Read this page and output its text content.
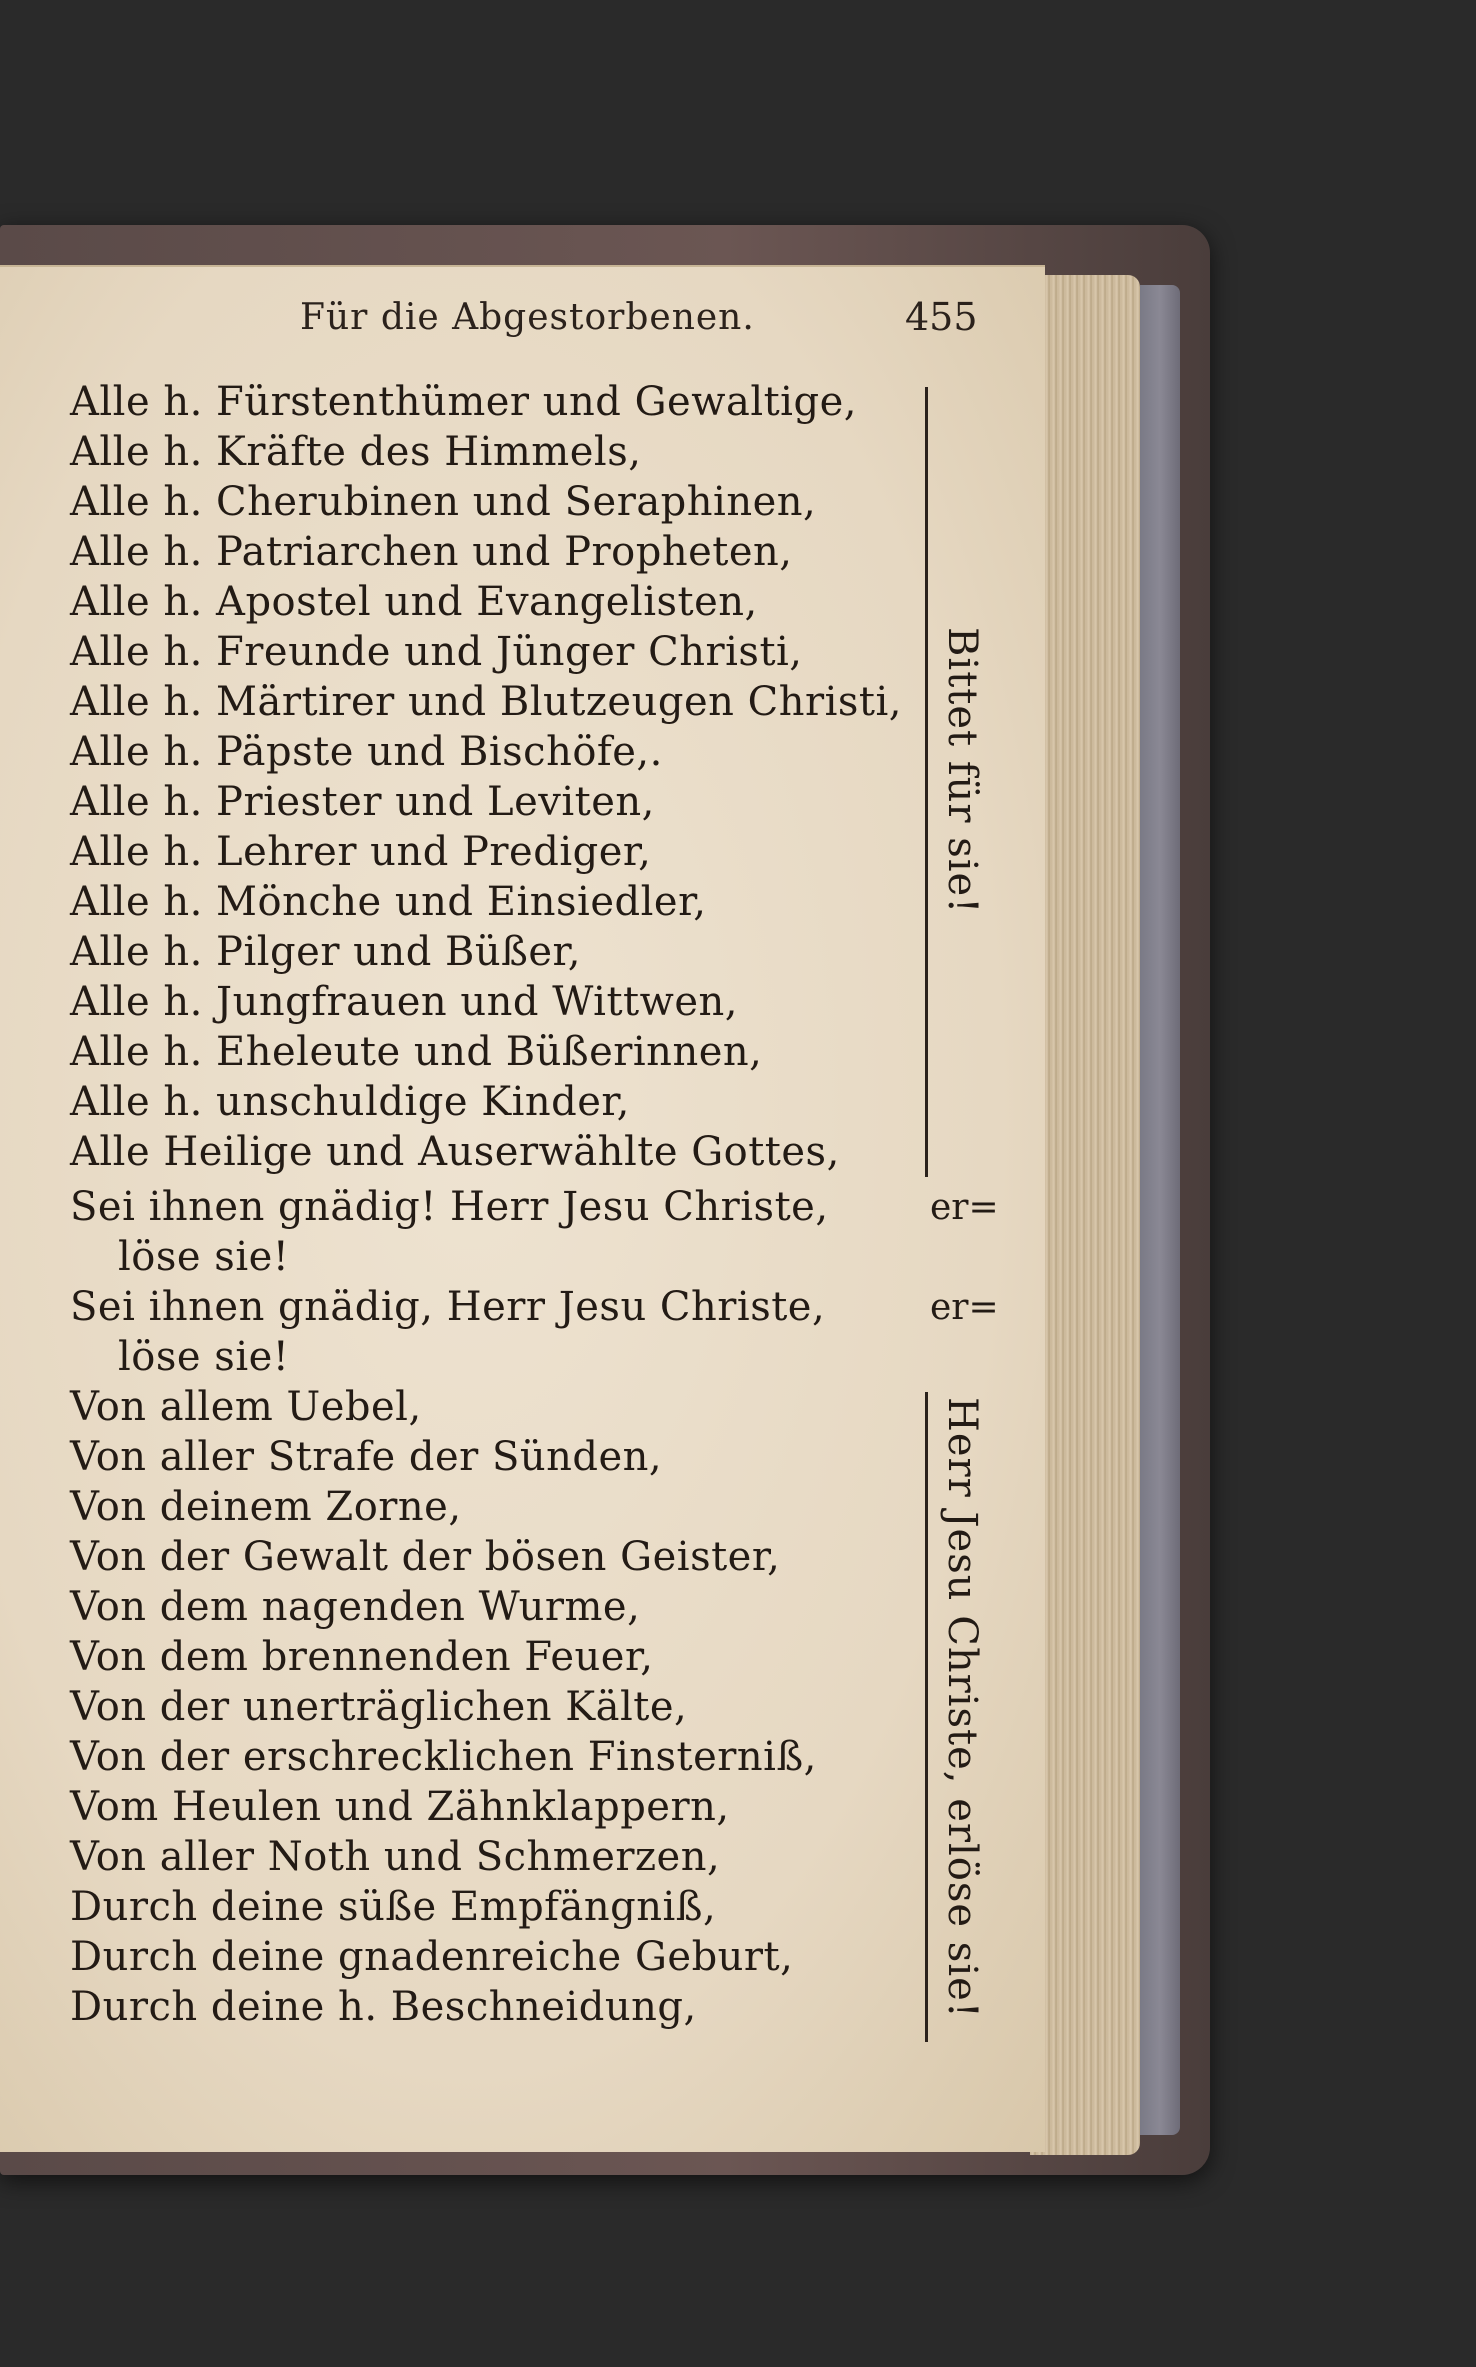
Für die Abgestorbenen.	455
Alle h. Fürstenthümer und Gewaltige,
Alle h. Kräfte des Himmels,
Alle h. Cherubinen und Seraphinen,
Alle h. Patriarchen und Propheten,
Alle h. Apostel und Evangelisten,
Alle h. Freunde und Jünger Christi,
Alle h. Märtirer und Blutzeugen Christi,
Alle h. Päpste und Bischöfe,.
Alle h. Priester und Leviten,
Alle h. Lehrer und Prediger,
Alle h. Mönche und Einsiedler,
Alle h. Pilger und Büßer,
Alle h. Jungfrauen und Wittwen,
Alle h. Eheleute und Büßerinnen,
Alle h. unschuldige Kinder,
Alle Heilige und Auserwählte Gottes,
Sei ihnen gnädig! Herr Jesu Christe,	er=
löse sie!
Sei ihnen gnädig, Herr Jesu Christe,	er=
löse sie!
Von allem Uebel,
Von aller Strafe der Sünden,
Von deinem Zorne,
Von der Gewalt der bösen Geister,
Von dem nagenden Wurme,
Von dem brennenden Feuer,
Von der unerträglichen Kälte,
Von der erschrecklichen Finsterniß,
Vom Heulen und Zähnklappern,
Von aller Noth und Schmerzen,
Durch deine süße Empfängniß,
Durch deine gnadenreiche Geburt,
Durch deine h. Beschneidung,
Bittet für sie!
Herr Jesu Christe, erlöse sie!
